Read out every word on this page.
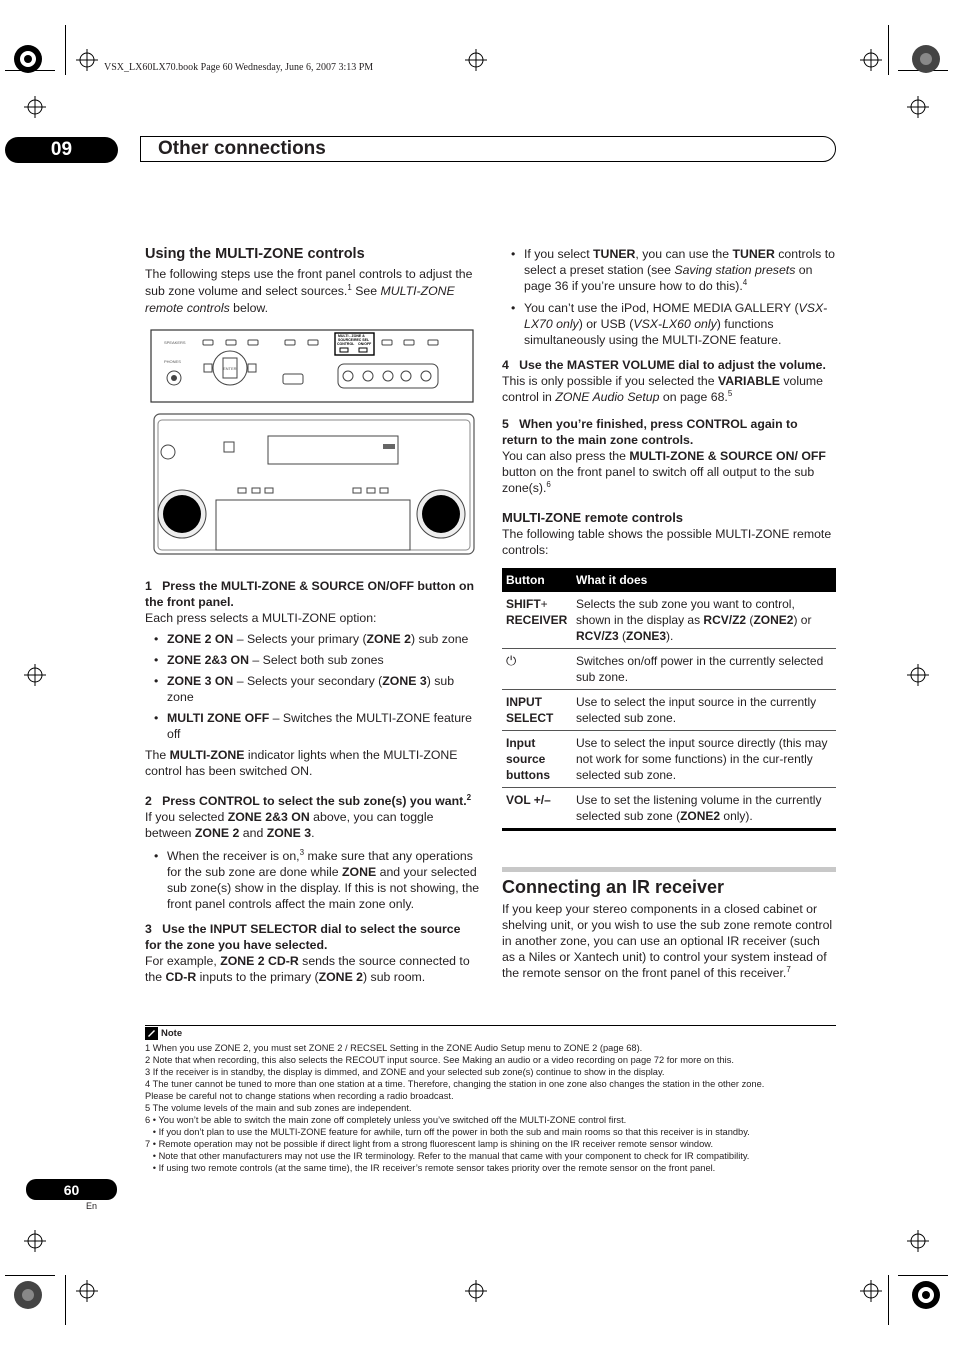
VSX_LX60LX70.book Page 60 Wednesday, June 6, 2007 3:13 PM
09	Other connections
Using the MULTI-ZONE controls

The following steps use the front panel controls to adjust the sub zone volume and select sources.$^1$ See MULTI-ZONE remote controls below.

SPEAKERS
PHONES
ENTER
MULTI - ZONE &
SOURCE/REC SEL
CONTROL ON/OFF
1 Press the MULTI-ZONE & SOURCE ON/OFF button on the front panel.

Each press selects a MULTI-ZONE option:

• ZONE 2 ON – Selects your primary (ZONE 2) sub zone
• ZONE 2&3 ON – Select both sub zones
• ZONE 3 ON – Selects your secondary (ZONE 3) sub zone
• MULTI ZONE OFF – Switches the MULTI-ZONE feature off

The MULTI-ZONE indicator lights when the MULTI-ZONE control has been switched ON.

2 Press CONTROL to select the sub zone(s) you want.$^2$

If you selected ZONE 2&3 ON above, you can toggle between ZONE 2 and ZONE 3.

• When the receiver is on,$^3$ make sure that any operations for the sub zone are done while ZONE and your selected sub zone(s) show in the display. If this is not showing, the front panel controls affect the main zone only.
3 Use the INPUT SELECTOR dial to select the source for the zone you have selected.

For example, ZONE 2 CD-R sends the source connected to the CD-R inputs to the primary (ZONE 2) sub room.

• If you select TUNER, you can use the TUNER controls to select a preset station (see Saving station presets on page 36 if you’re unsure how to do this).$^4$
• You can’t use the iPod, HOME MEDIA GALLERY (VSX-LX70 only) or USB (VSX-LX60 only) functions simultaneously using the MULTI-ZONE feature.
4 Use the MASTER VOLUME dial to adjust the volume.

This is only possible if you selected the VARIABLE volume control in ZONE Audio Setup on page 68.$^5$

5 When you’re finished, press CONTROL again to return to the main zone controls.

You can also press the MULTI-ZONE & SOURCE ON/ OFF button on the front panel to switch off all output to the sub zone(s).$^6$

MULTI-ZONE remote controls

The following table shows the possible MULTI-ZONE remote controls:

Button	What it does
SHIFT+
RECEIVER	Selects the sub zone you want to control, shown in the display as RCV/Z2 (ZONE2) or RCV/Z3 (ZONE3).
⏻	Switches on/off power in the currently selected sub zone.
INPUT SELECT	Use to select the input source in the currently selected sub zone.
Input source buttons	Use to select the input source directly (this may not work for some functions) in the cur-rently selected sub zone.
VOL +/–	Use to set the listening volume in the currently selected sub zone (ZONE2 only).
Connecting an IR receiver

If you keep your stereo components in a closed cabinet or shelving unit, or you wish to use the sub zone remote control in another zone, you can use an optional IR receiver (such as a Niles or Xantech unit) to control your system instead of the remote sensor on the front panel of this receiver.$^7$

Note
1 When you use ZONE 2, you must set ZONE 2 / RECSEL Setting in the ZONE Audio Setup menu to ZONE 2 (page 68).
2 Note that when recording, this also selects the RECOUT input source. See Making an audio or a video recording on page 72 for more on this.
3 If the receiver is in standby, the display is dimmed, and ZONE and your selected sub zone(s) continue to show in the display.
4 The tuner cannot be tuned to more than one station at a time. Therefore, changing the station in one zone also changes the station in the other zone.
Please be careful not to change stations when recording a radio broadcast.
5 The volume levels of the main and sub zones are independent.
6 • You won’t be able to switch the main zone off completely unless you’ve switched off the MULTI-ZONE control first.
• If you don’t plan to use the MULTI-ZONE feature for awhile, turn off the power in both the sub and main rooms so that this receiver is in standby.
7 • Remote operation may not be possible if direct light from a strong fluorescent lamp is shining on the IR receiver remote sensor window.
• Note that other manufacturers may not use the IR terminology. Refer to the manual that came with your component to check for IR compatibility.
• If using two remote controls (at the same time), the IR receiver’s remote sensor takes priority over the remote sensor on the front panel.
60
En
